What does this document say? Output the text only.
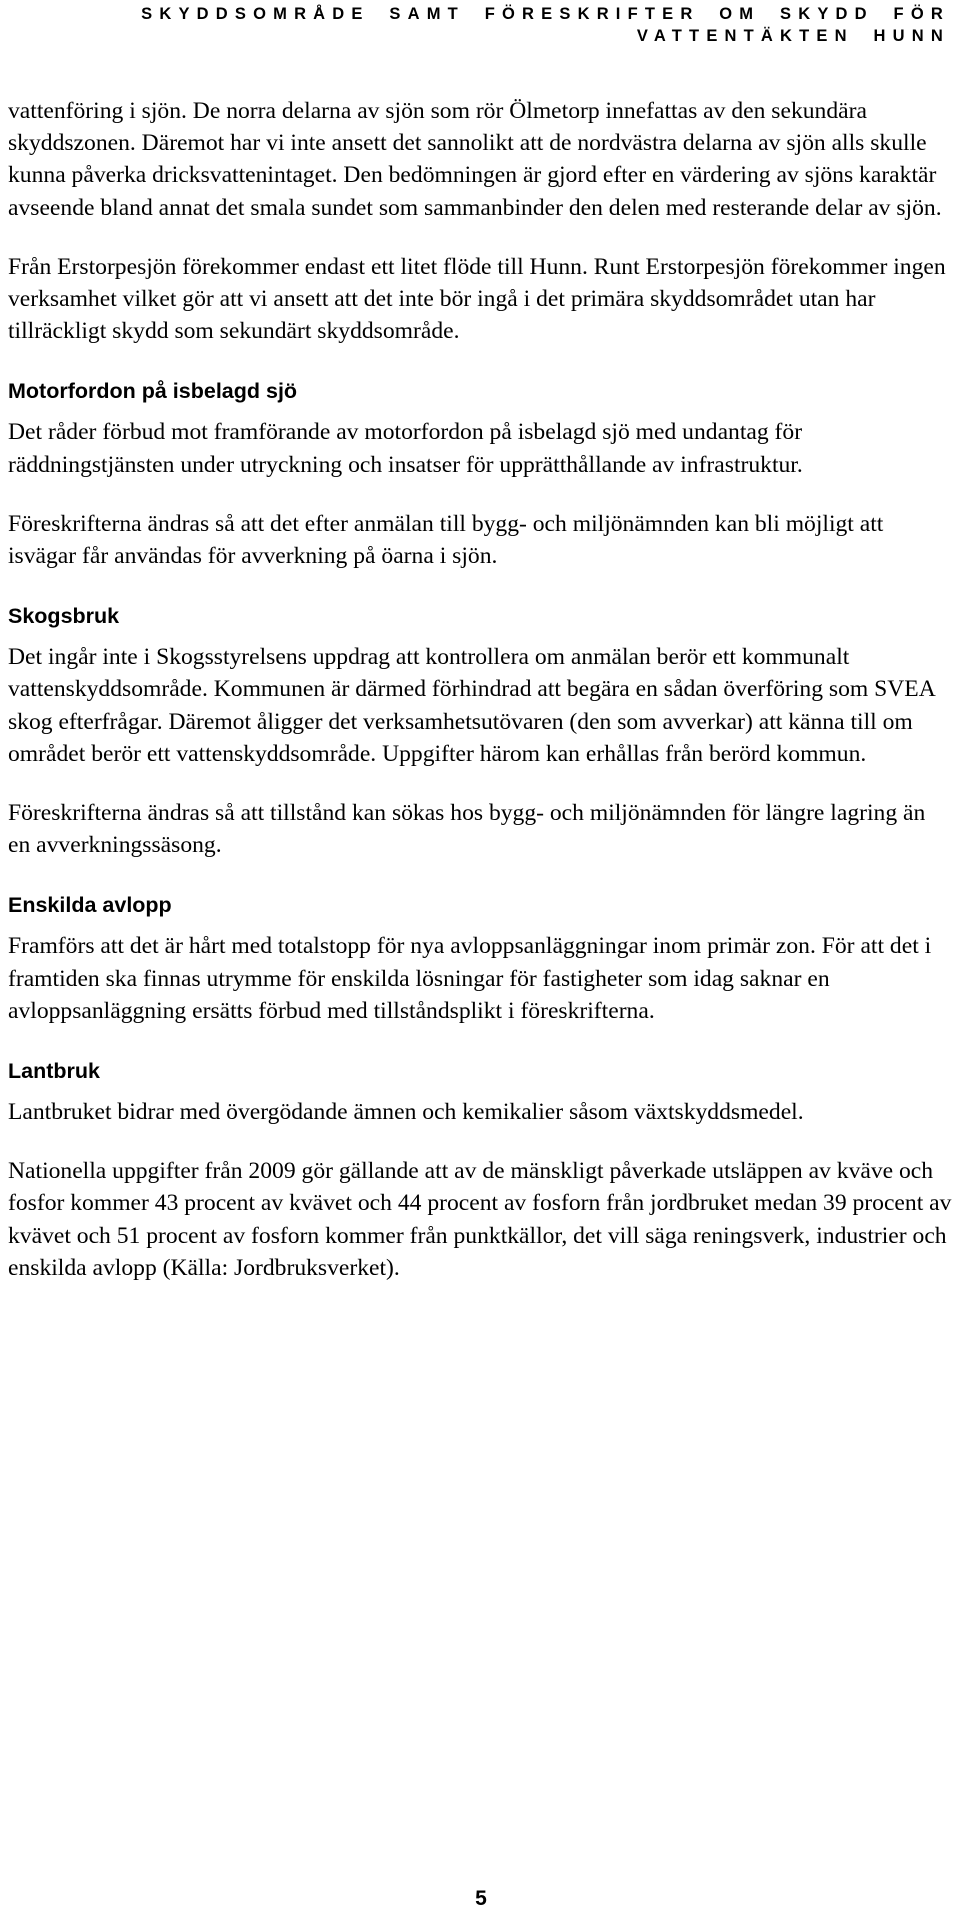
SKYDDSOMRÅDE SAMT FÖRESKRIFTER OM SKYDD FÖR
VATTENTÄKTEN HUNN

vattenföring i sjön. De norra delarna av sjön som rör Ölmetorp innefattas av den sekundära skyddszonen. Däremot har vi inte ansett det sannolikt att de nordvästra delarna av sjön alls skulle kunna påverka dricksvattenintaget. Den bedömningen är gjord efter en värdering av sjöns karaktär avseende bland annat det smala sundet som sammanbinder den delen med resterande delar av sjön.

Från Erstorpesjön förekommer endast ett litet flöde till Hunn. Runt Erstorpesjön förekommer ingen verksamhet vilket gör att vi ansett att det inte bör ingå i det primära skyddsområdet utan har tillräckligt skydd som sekundärt skyddsområde.

Motorfordon på isbelagd sjö

Det råder förbud mot framförande av motorfordon på isbelagd sjö med undantag för räddningstjänsten under utryckning och insatser för upprätthållande av infrastruktur.

Föreskrifterna ändras så att det efter anmälan till bygg- och miljönämnden kan bli möjligt att isvägar får användas för avverkning på öarna i sjön.

Skogsbruk

Det ingår inte i Skogsstyrelsens uppdrag att kontrollera om anmälan berör ett kommunalt vattenskyddsområde. Kommunen är därmed förhindrad att begära en sådan överföring som SVEA skog efterfrågar. Däremot åligger det verksamhetsutövaren (den som avverkar) att känna till om området berör ett vattenskyddsområde. Uppgifter härom kan erhållas från berörd kommun.

Föreskrifterna ändras så att tillstånd kan sökas hos bygg- och miljönämnden för längre lagring än en avverkningssäsong.

Enskilda avlopp

Framförs att det är hårt med totalstopp för nya avloppsanläggningar inom primär zon. För att det i framtiden ska finnas utrymme för enskilda lösningar för fastigheter som idag saknar en avloppsanläggning ersätts förbud med tillståndsplikt i föreskrifterna.

Lantbruk

Lantbruket bidrar med övergödande ämnen och kemikalier såsom växtskyddsmedel.

Nationella uppgifter från 2009 gör gällande att av de mänskligt påverkade utsläppen av kväve och fosfor kommer 43 procent av kvävet och 44 procent av fosforn från jordbruket medan 39 procent av kvävet och 51 procent av fosforn kommer från punktkällor, det vill säga reningsverk, industrier och enskilda avlopp (Källa: Jordbruksverket).

5
